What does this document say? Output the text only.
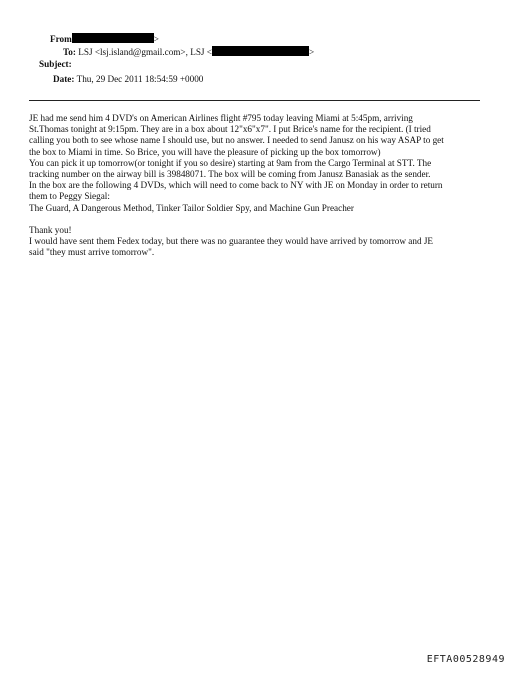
From	>
To: LSJ <lsj.island@gmail.com>, LSJ <	>
Subject:
Date: Thu, 29 Dec 2011 18:54:59 +0000

JE had me send him 4 DVD's on American Airlines flight #795 today leaving Miami at 5:45pm, arriving

St.Thomas tonight at 9:15pm. They are in a box about 12"x6"x7". I put Brice's name for the recipient. (I tried

calling you both to see whose name I should use, but no answer. I needed to send Janusz on his way ASAP to get

the box to Miami in time. So Brice, you will have the pleasure of picking up the box tomorrow)

You can pick it up tomorrow(or tonight if you so desire) starting at 9am from the Cargo Terminal at STT. The

tracking number on the airway bill is 39848071. The box will be coming from Janusz Banasiak as the sender.

In the box are the following 4 DVDs, which will need to come back to NY with JE on Monday in order to return

them to Peggy Siegal:

The Guard, A Dangerous Method, Tinker Tailor Soldier Spy, and Machine Gun Preacher

Thank you!

I would have sent them Fedex today, but there was no guarantee they would have arrived by tomorrow and JE

said "they must arrive tomorrow".

EFTA00528949
